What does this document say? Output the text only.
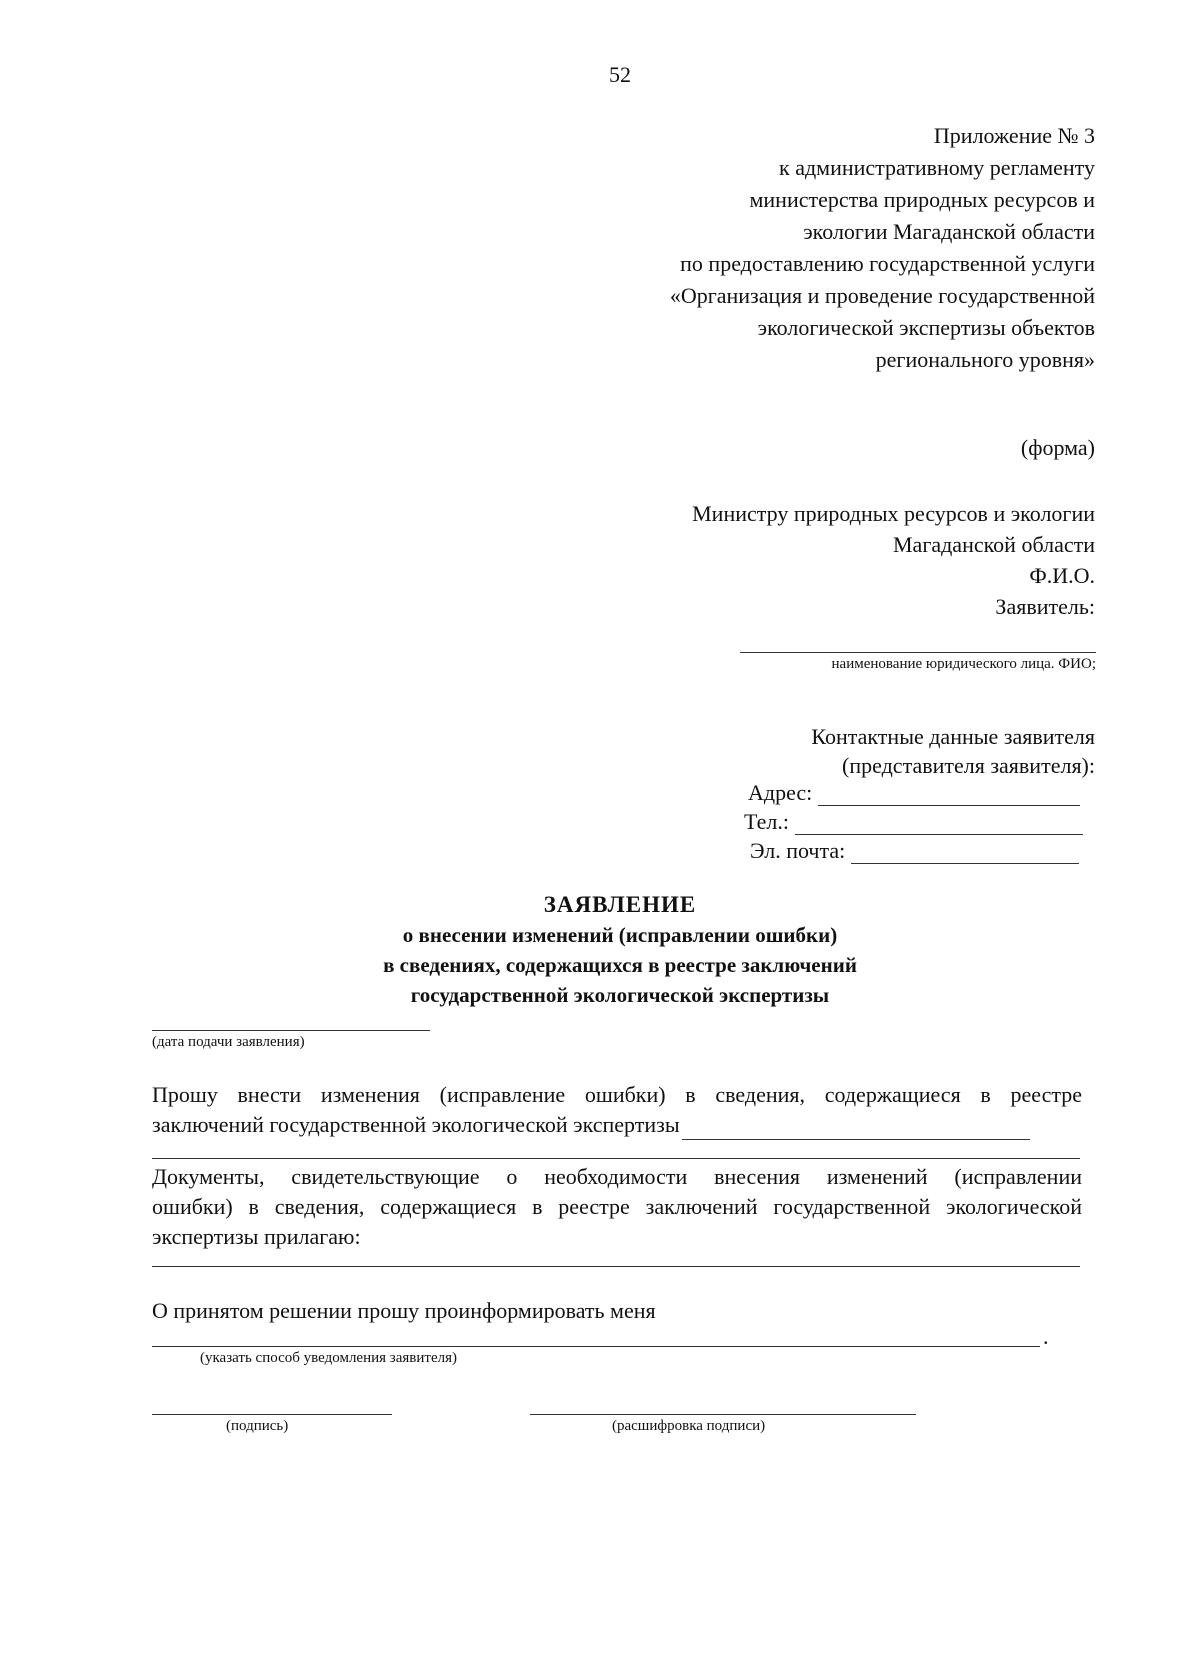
52
Приложение № 3
к административному регламенту
министерства природных ресурсов и
экологии Магаданской области
по предоставлению государственной услуги
«Организация и проведение государственной
экологической экспертизы объектов
регионального уровня»
(форма)
Министру природных ресурсов и экологии
Магаданской области
Ф.И.О.
Заявитель:
наименование юридического лица. ФИО;
Контактные данные заявителя
(представителя заявителя):
Адрес:
Тел.:
Эл. почта:
ЗАЯВЛЕНИЕ
о внесении изменений (исправлении ошибки)
в сведениях, содержащихся в реестре заключений
государственной экологической экспертизы
(дата подачи заявления)
Прошу внести изменения (исправление ошибки) в сведения, содержащиеся в реестре
заключений государственной экологической экспертизы
Документы, свидетельствующие о необходимости внесения изменений (исправлении
ошибки) в сведения, содержащиеся в реестре заключений государственной экологической
экспертизы прилагаю:
О принятом решении прошу проинформировать меня
.
(указать способ уведомления заявителя)
(подпись)	(расшифровка подписи)
